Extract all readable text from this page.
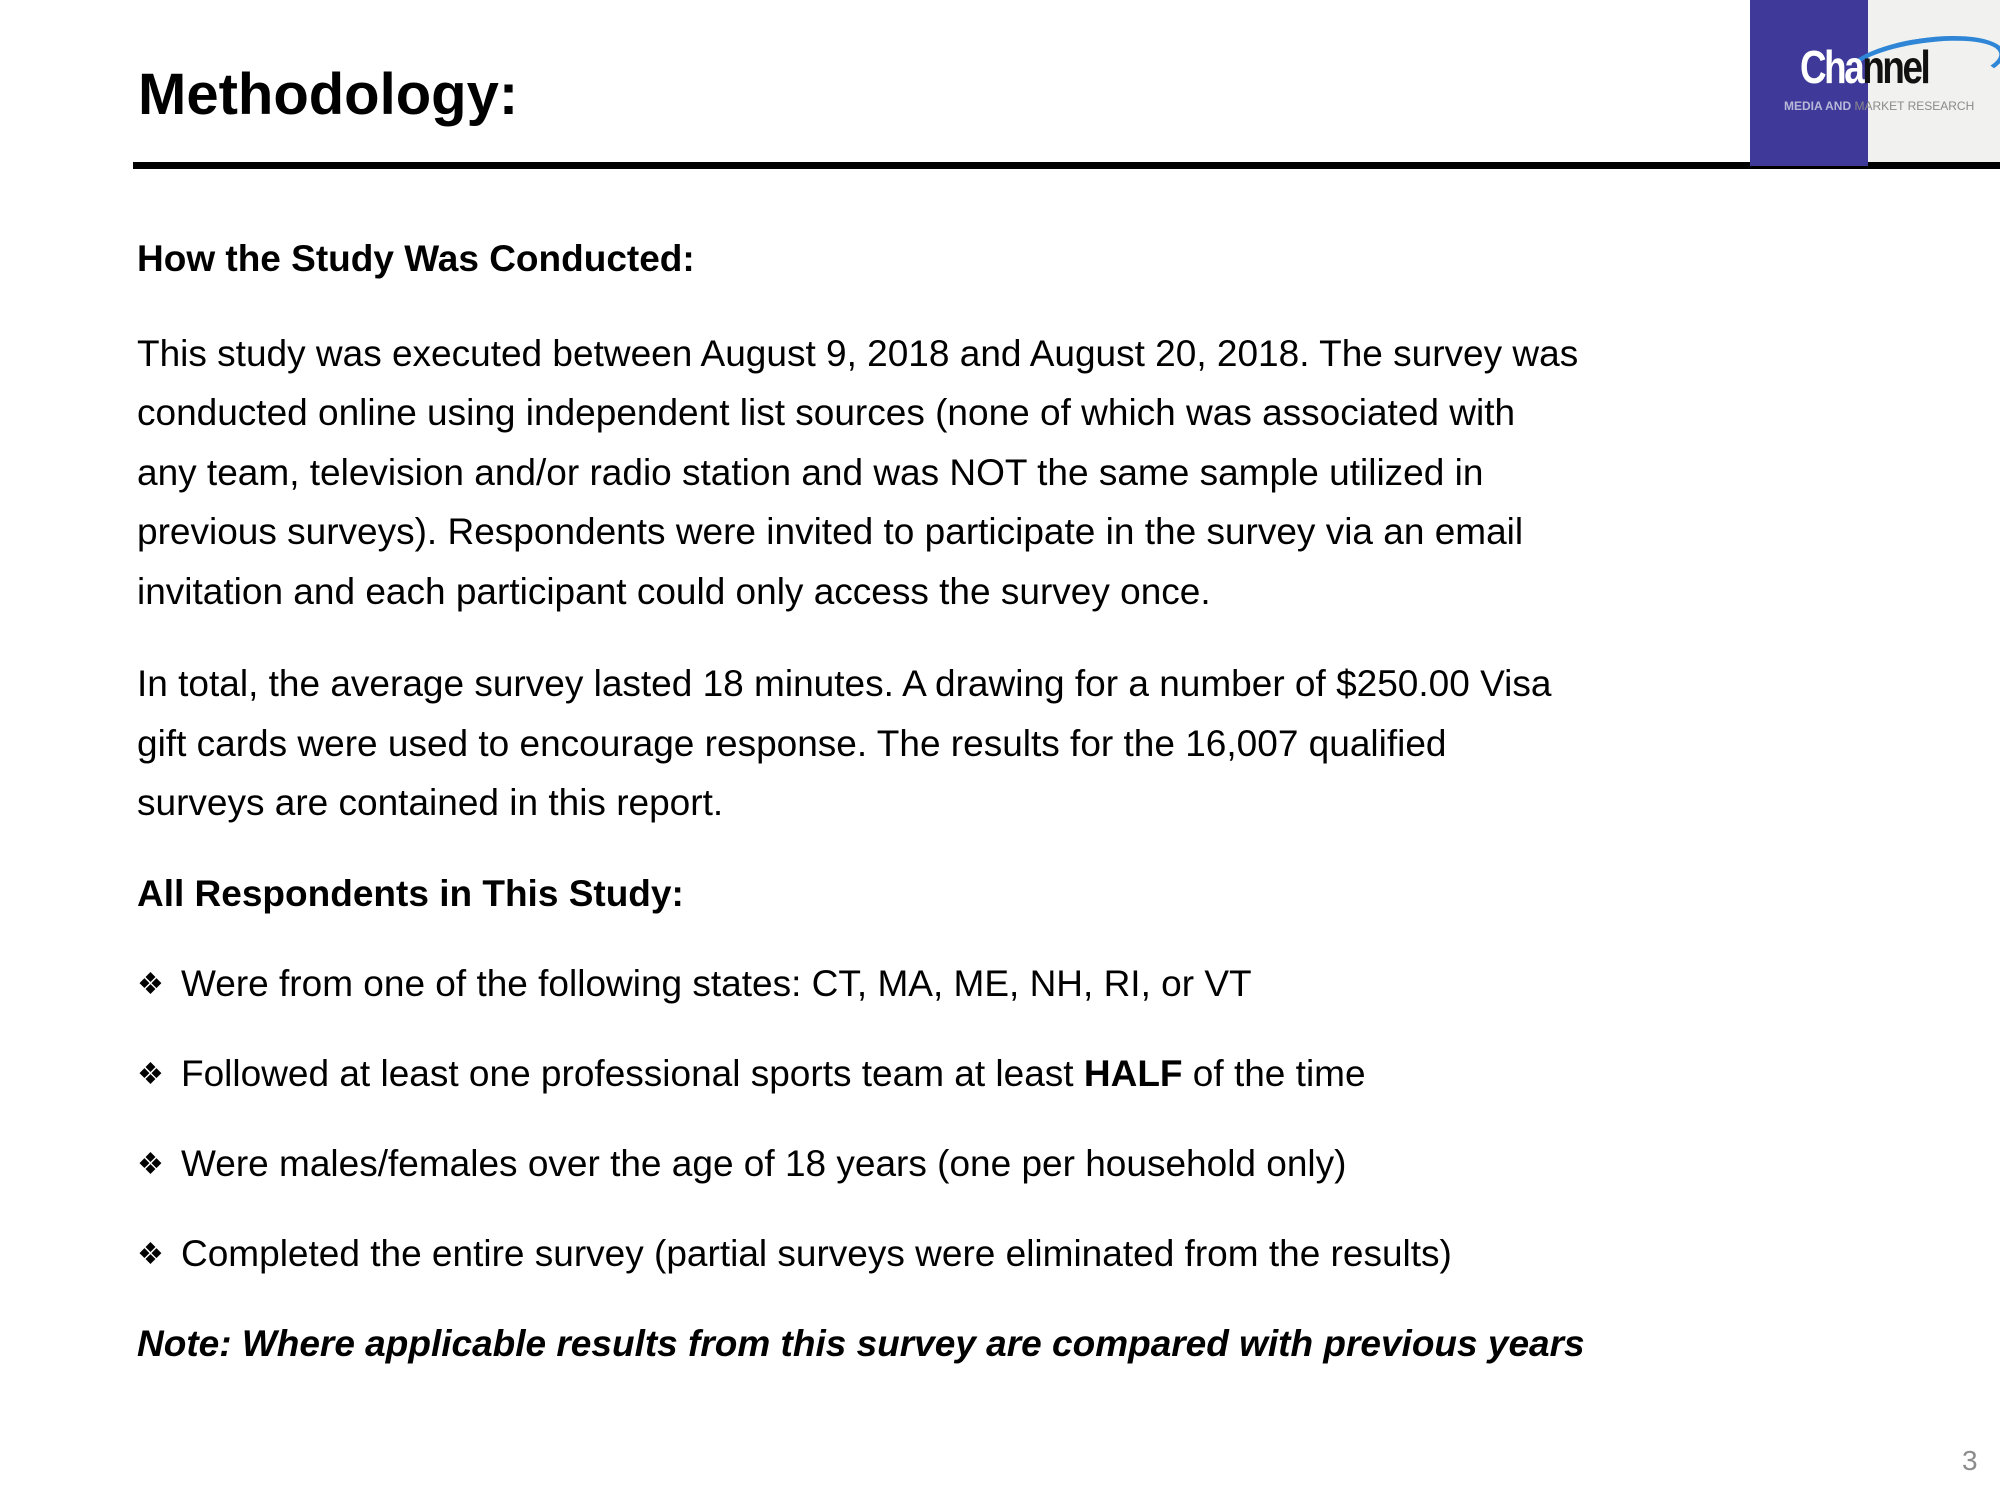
Methodology:	Channel
MEDIA AND MARKET RESEARCH
How the Study Was Conducted:
This study was executed between August 9, 2018 and August 20, 2018. The survey was
conducted online using independent list sources (none of which was associated with
any team, television and/or radio station and was NOT the same sample utilized in
previous surveys). Respondents were invited to participate in the survey via an email
invitation and each participant could only access the survey once.
In total, the average survey lasted 18 minutes. A drawing for a number of $250.00 Visa
gift cards were used to encourage response. The results for the 16,007 qualified
surveys are contained in this report.
All Respondents in This Study:
❖ Were from one of the following states: CT, MA, ME, NH, RI, or VT
❖ Followed at least one professional sports team at least HALF of the time
❖ Were males/females over the age of 18 years (one per household only)
❖ Completed the entire survey (partial surveys were eliminated from the results)
Note: Where applicable results from this survey are compared with previous years
3
